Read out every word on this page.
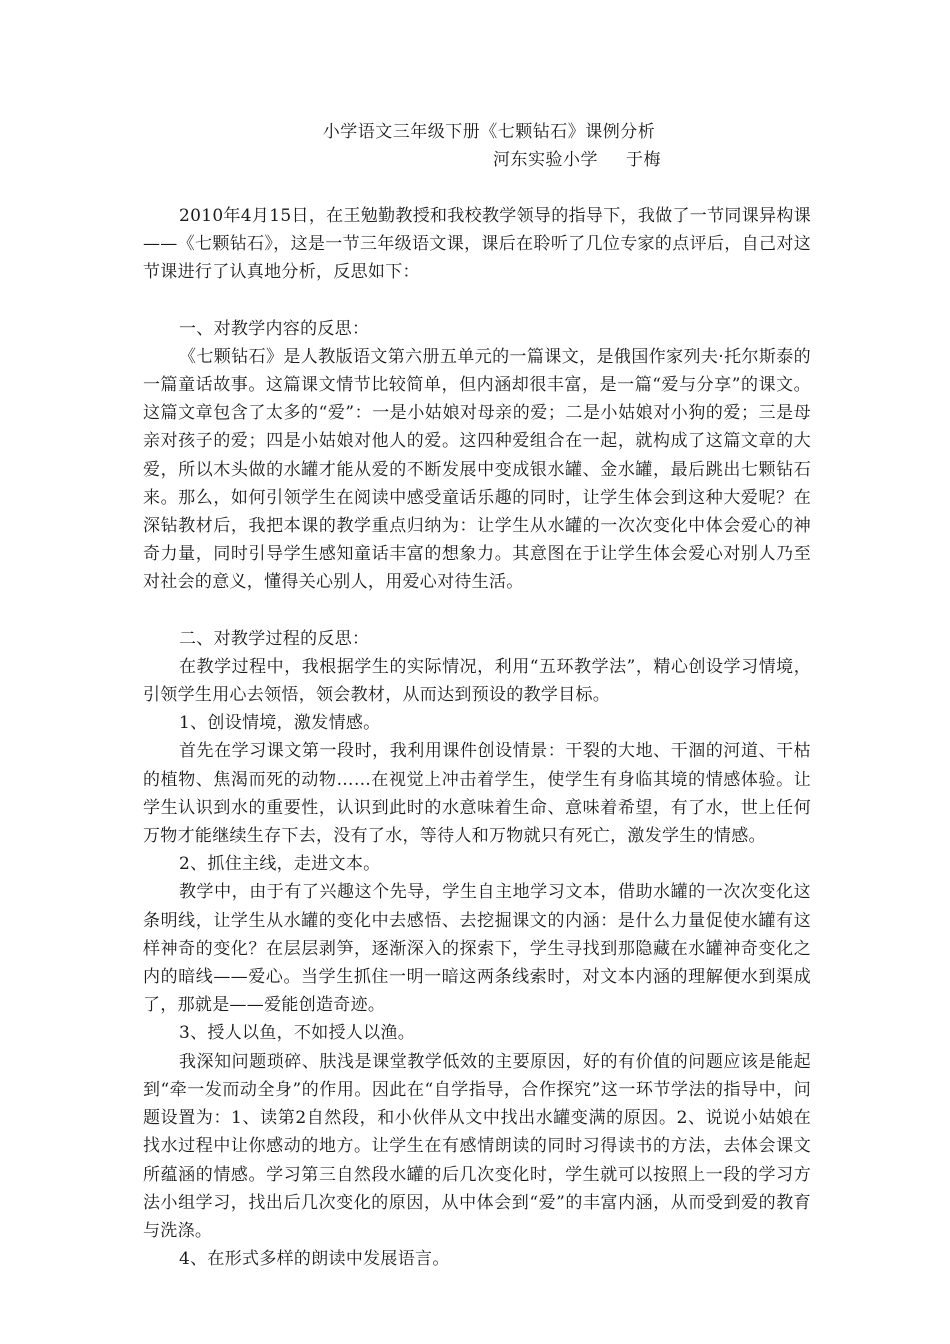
小学语文三年级下册《七颗钻石》课例分析

河东实验小学 于梅

2010年4月15日，在王勉勤教授和我校教学领导的指导下，我做了一节同课异构课——《七颗钻石》，这是一节三年级语文课，课后在聆听了几位专家的点评后，自己对这节课进行了认真地分析，反思如下：

一、对教学内容的反思：

《七颗钻石》是人教版语文第六册五单元的一篇课文，是俄国作家列夫·托尔斯泰的一篇童话故事。这篇课文情节比较简单，但内涵却很丰富，是一篇“爱与分享”的课文。这篇文章包含了太多的“爱”：一是小姑娘对母亲的爱；二是小姑娘对小狗的爱；三是母亲对孩子的爱；四是小姑娘对他人的爱。这四种爱组合在一起，就构成了这篇文章的大爱，所以木头做的水罐才能从爱的不断发展中变成银水罐、金水罐，最后跳出七颗钻石来。那么，如何引领学生在阅读中感受童话乐趣的同时，让学生体会到这种大爱呢？在深钻教材后，我把本课的教学重点归纳为：让学生从水罐的一次次变化中体会爱心的神奇力量，同时引导学生感知童话丰富的想象力。其意图在于让学生体会爱心对别人乃至对社会的意义，懂得关心别人，用爱心对待生活。

二、对教学过程的反思：

在教学过程中，我根据学生的实际情况，利用“五环教学法”，精心创设学习情境，引领学生用心去领悟，领会教材，从而达到预设的教学目标。

1、创设情境，激发情感。

首先在学习课文第一段时，我利用课件创设情景：干裂的大地、干涸的河道、干枯的植物、焦渴而死的动物……在视觉上冲击着学生，使学生有身临其境的情感体验。让学生认识到水的重要性，认识到此时的水意味着生命、意味着希望，有了水，世上任何万物才能继续生存下去，没有了水，等待人和万物就只有死亡，激发学生的情感。

2、抓住主线，走进文本。

教学中，由于有了兴趣这个先导，学生自主地学习文本，借助水罐的一次次变化这条明线，让学生从水罐的变化中去感悟、去挖掘课文的内涵：是什么力量促使水罐有这样神奇的变化？在层层剥笋，逐渐深入的探索下，学生寻找到那隐藏在水罐神奇变化之内的暗线——爱心。当学生抓住一明一暗这两条线索时，对文本内涵的理解便水到渠成了，那就是——爱能创造奇迹。

3、授人以鱼，不如授人以渔。

我深知问题琐碎、肤浅是课堂教学低效的主要原因，好的有价值的问题应该是能起到“牵一发而动全身”的作用。因此在“自学指导，合作探究”这一环节学法的指导中，问题设置为：1、读第2自然段，和小伙伴从文中找出水罐变满的原因。2、说说小姑娘在找水过程中让你感动的地方。让学生在有感情朗读的同时习得读书的方法，去体会课文所蕴涵的情感。学习第三自然段水罐的后几次变化时，学生就可以按照上一段的学习方法小组学习，找出后几次变化的原因，从中体会到“爱”的丰富内涵，从而受到爱的教育与洗涤。

4、在形式多样的朗读中发展语言。
